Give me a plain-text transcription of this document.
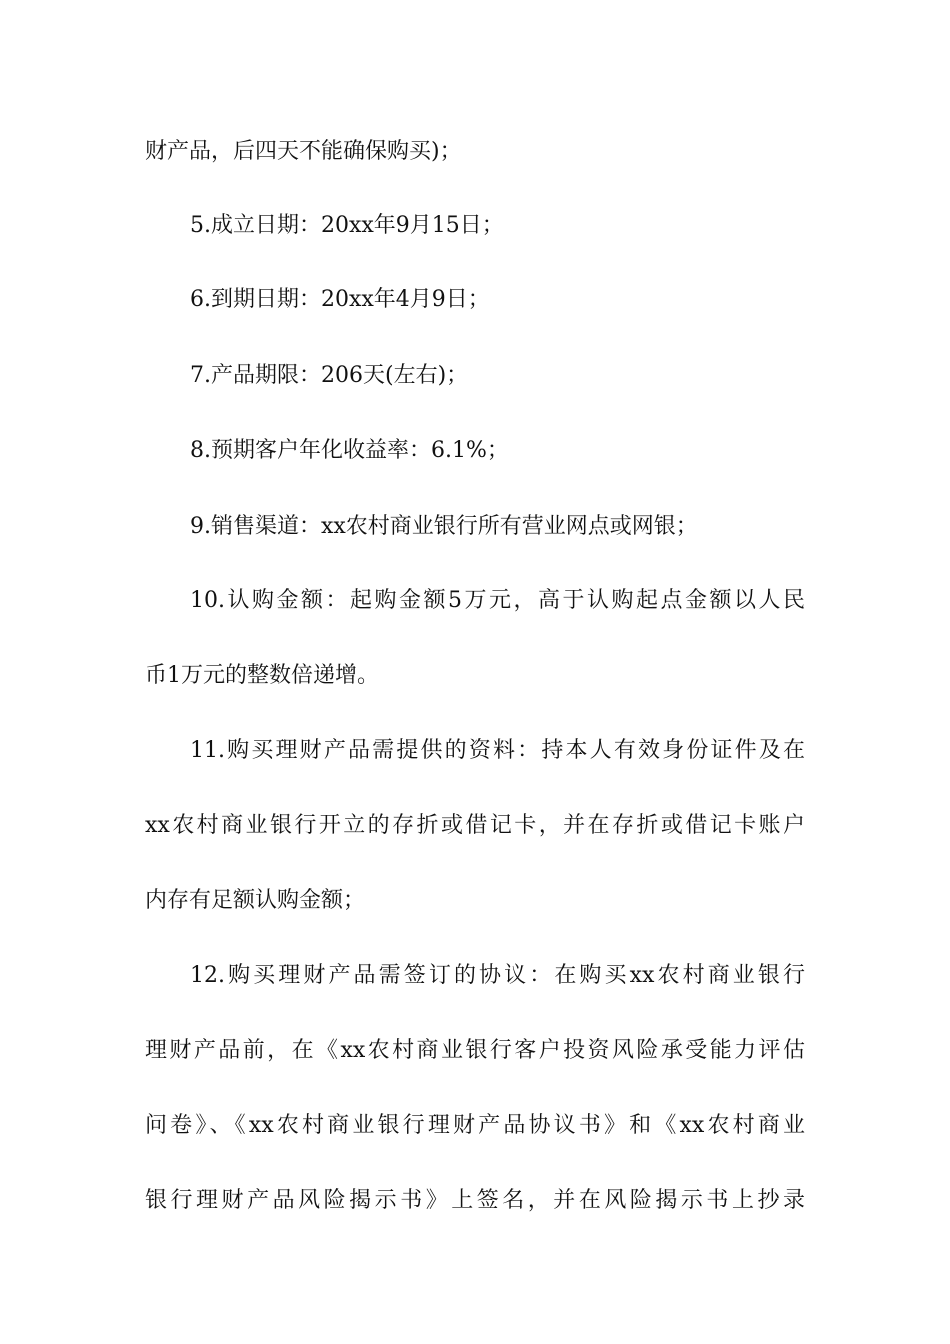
财产品，后四天不能确保购买)；
5.成立日期：20xx年9月15日；
6.到期日期：20xx年4月9日；
7.产品期限：206天(左右)；
8.预期客户年化收益率：6.1%；
9.销售渠道：xx农村商业银行所有营业网点或网银；
10.认购金额：起购金额5万元，高于认购起点金额以人民
币1万元的整数倍递增。
11.购买理财产品需提供的资料：持本人有效身份证件及在
xx农村商业银行开立的存折或借记卡，并在存折或借记卡账户
内存有足额认购金额；
12.购买理财产品需签订的协议：在购买xx农村商业银行
理财产品前，在《xx农村商业银行客户投资风险承受能力评估
问卷》、《xx农村商业银行理财产品协议书》和《xx农村商业
银行理财产品风险揭示书》上签名，并在风险揭示书上抄录
